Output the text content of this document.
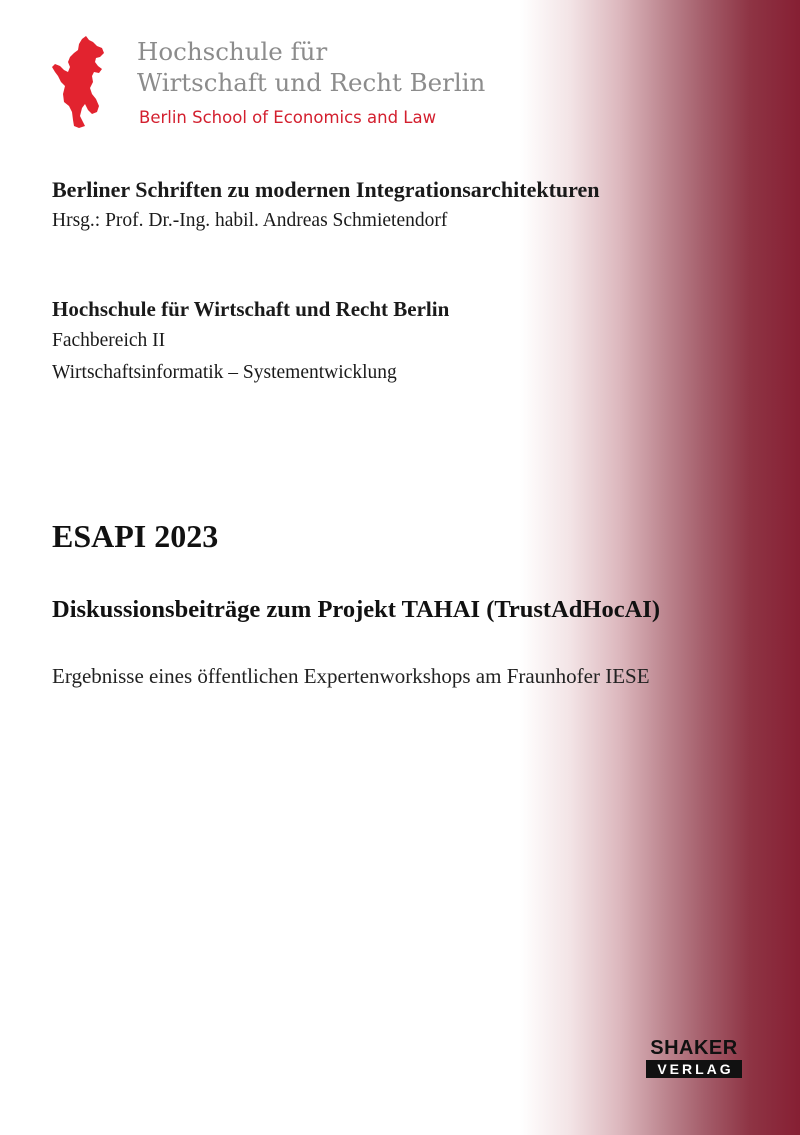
Hochschule für
Wirtschaft und Recht Berlin

Berlin School of Economics and Law

Berliner Schriften zu modernen Integrationsarchitekturen

Hrsg.: Prof. Dr.-Ing. habil. Andreas Schmietendorf

Hochschule für Wirtschaft und Recht Berlin

Fachbereich II

Wirtschaftsinformatik – Systementwicklung

ESAPI 2023

Diskussionsbeiträge zum Projekt TAHAI (TrustAdHocAI)

Ergebnisse eines öffentlichen Expertenworkshops am Fraunhofer IESE

SHAKER
VERLAG
